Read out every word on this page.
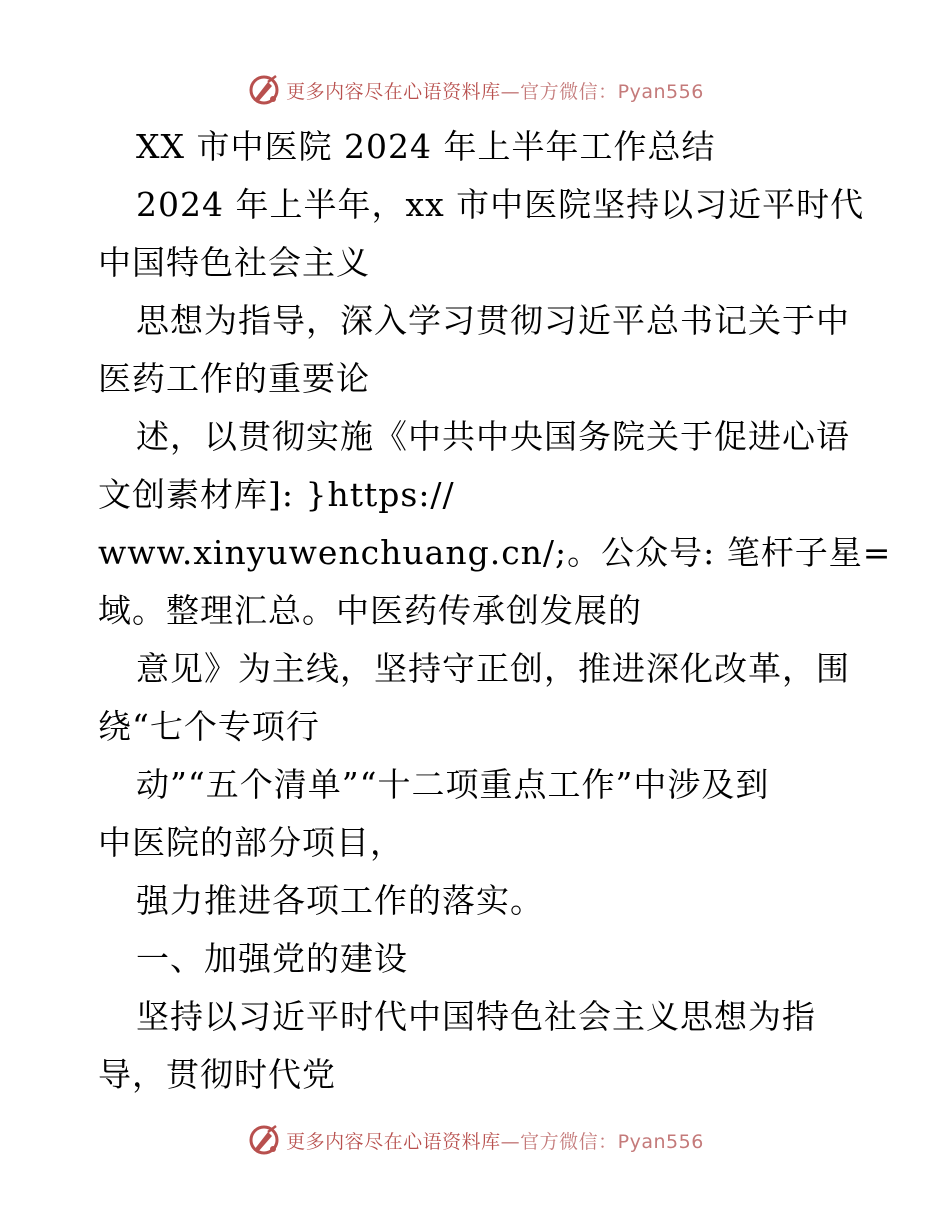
更多内容尽在心语资料库—官方微信：Pyan556
XX 市中医院 2024 年上半年工作总结
2024 年上半年，xx 市中医院坚持以习近平时代
中国特色社会主义
思想为指导，深入学习贯彻习近平总书记关于中
医药工作的重要论
述，以贯彻实施《中共中央国务院关于促进心语
文创素材库]: }https://
www.xinyuwenchuang.cn/;。公众号: 笔杆子星=
域。整理汇总。中医药传承创发展的
意见》为主线，坚持守正创，推进深化改革，围
绕“七个专项行
动”“五个清单”“十二项重点工作”中涉及到
中医院的部分项目，
强力推进各项工作的落实。
一、加强党的建设
坚持以习近平时代中国特色社会主义思想为指
导，贯彻时代党
更多内容尽在心语资料库—官方微信：Pyan556
